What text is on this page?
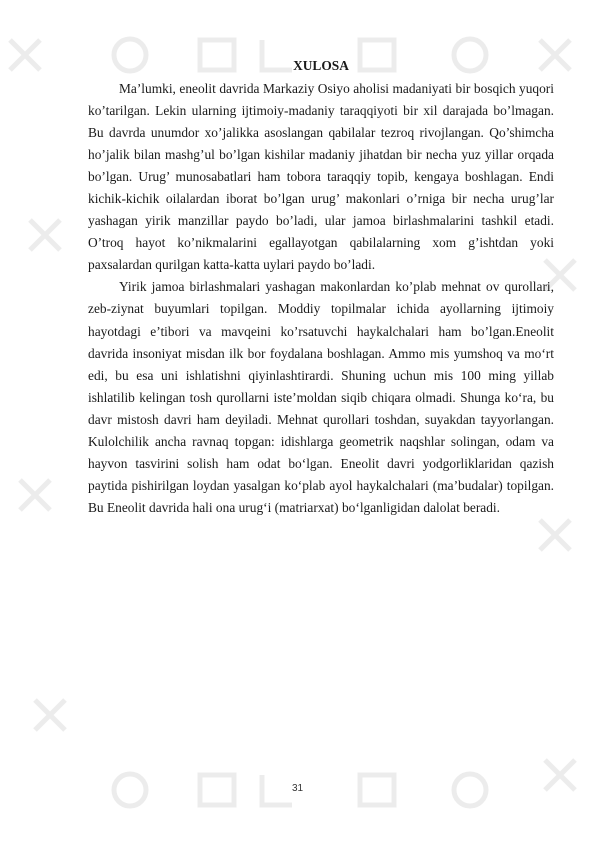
XULOSA

Ma’lumki, eneolit davrida Markaziy Osiyo aholisi madaniyati bir bosqich yuqori ko’tarilgan. Lekin ularning ijtimoiy-madaniy taraqqiyoti bir xil darajada bo’lmagan. Bu davrda unumdor xo’jalikka asoslangan qabilalar tezroq rivojlangan. Qo’shimcha ho’jalik bilan mashg’ul bo’lgan kishilar madaniy jihatdan bir necha yuz yillar orqada bo’lgan. Urug’ munosabatlari ham tobora taraqqiy topib, kengaya boshlagan. Endi kichik-kichik oilalardan iborat bo’lgan urug’ makonlari o’rniga bir necha urug’lar yashagan yirik manzillar paydo bo’ladi, ular jamoa birlashmalarini tashkil etadi. O’troq hayot ko’nikmalarini egallayotgan qabilalarning xom g’ishtdan yoki paxsalardan qurilgan katta-katta uylari paydo bo’ladi.

Yirik jamoa birlashmalari yashagan makonlardan ko’plab mehnat ov qurollari, zeb-ziynat buyumlari topilgan. Moddiy topilmalar ichida ayollarning ijtimoiy hayotdagi e’tibori va mavqeini ko’rsatuvchi haykalchalari ham bo’lgan.Eneolit davrida insoniyat misdan ilk bor foydalana boshlagan. Ammo mis yumshoq va mo‘rt edi, bu esa uni ishlatishni qiyinlashtirardi. Shuning uchun mis 100 ming yillab ishlatilib kelingan tosh qurollarni iste’moldan siqib chiqara olmadi. Shunga ko‘ra, bu davr mistosh davri ham deyiladi. Mehnat qurollari toshdan, suyakdan tayyorlangan. Kulolchilik ancha ravnaq topgan: idishlarga geometrik naqshlar solingan, odam va hayvon tasvirini solish ham odat bo‘lgan. Eneolit davri yodgorliklaridan qazish paytida pishirilgan loydan yasalgan ko‘plab ayol haykalchalari (ma’budalar) topilgan. Bu Eneolit davrida hali ona urug‘i (matriarxat) bo‘lganligidan dalolat beradi.

31
